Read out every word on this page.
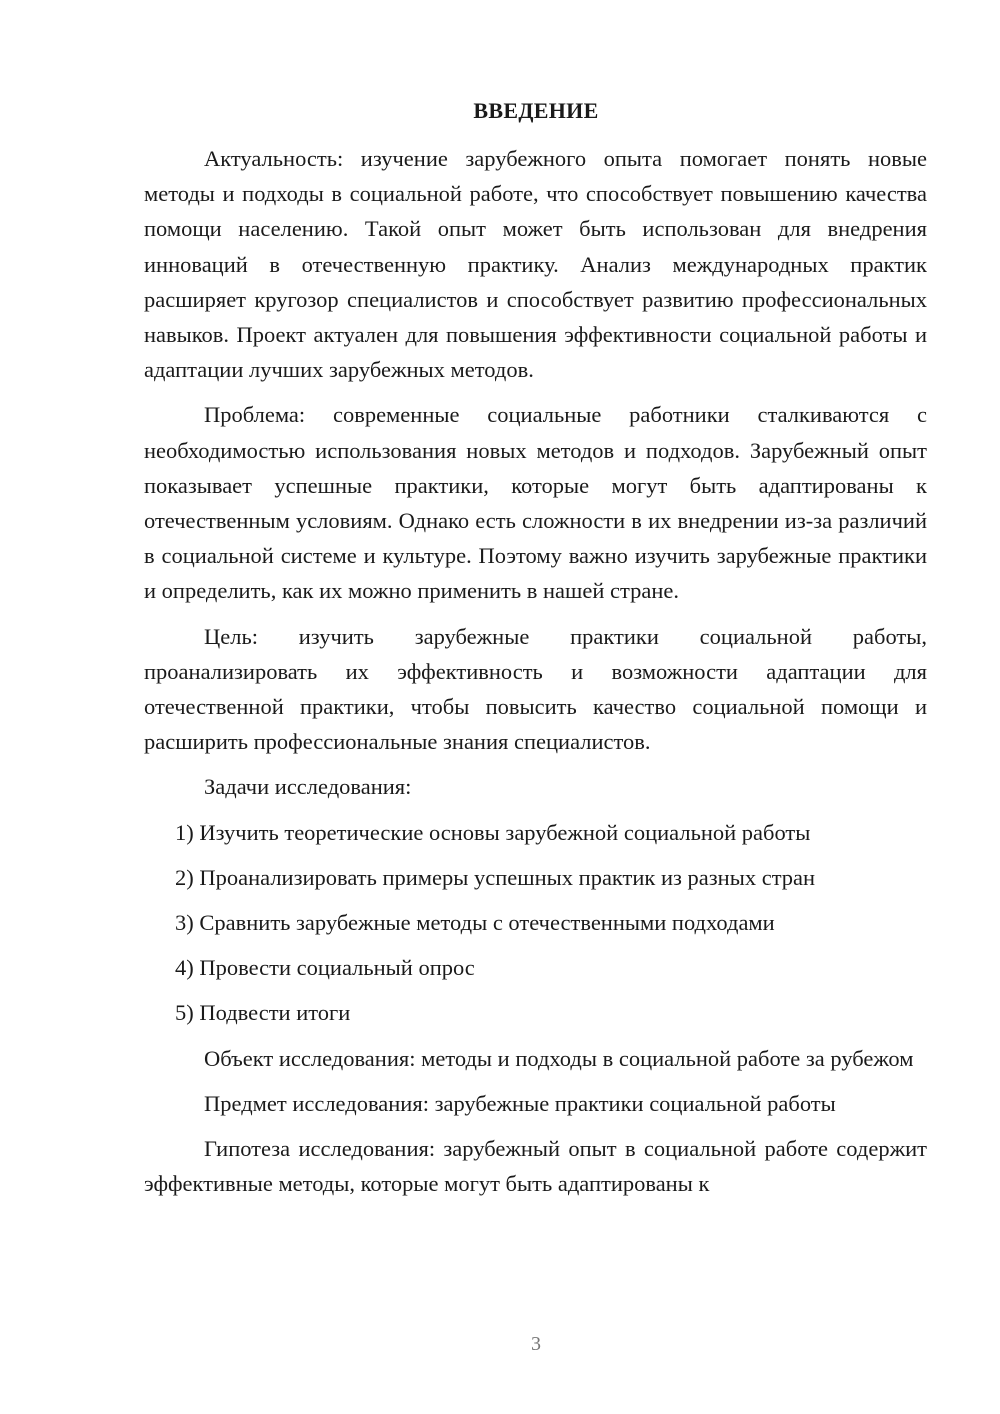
ВВЕДЕНИЕ

Актуальность: изучение зарубежного опыта помогает понять новые методы и подходы в социальной работе, что способствует повышению качества помощи населению. Такой опыт может быть использован для внедрения инноваций в отечественную практику. Анализ международных практик расширяет кругозор специалистов и способствует развитию профессиональных навыков. Проект актуален для повышения эффективности социальной работы и адаптации лучших зарубежных методов.

Проблема: современные социальные работники сталкиваются с необходимостью использования новых методов и подходов. Зарубежный опыт показывает успешные практики, которые могут быть адаптированы к отечественным условиям. Однако есть сложности в их внедрении из-за различий в социальной системе и культуре. Поэтому важно изучить зарубежные практики и определить, как их можно применить в нашей стране.

Цель: изучить зарубежные практики социальной работы, проанализировать их эффективность и возможности адаптации для отечественной практики, чтобы повысить качество социальной помощи и расширить профессиональные знания специалистов.

Задачи исследования:

1) Изучить теоретические основы зарубежной социальной работы

2) Проанализировать примеры успешных практик из разных стран

3) Сравнить зарубежные методы с отечественными подходами

4) Провести социальный опрос

5) Подвести итоги

Объект исследования: методы и подходы в социальной работе за рубежом

Предмет исследования: зарубежные практики социальной работы

Гипотеза исследования: зарубежный опыт в социальной работе содержит эффективные методы, которые могут быть адаптированы к

3
